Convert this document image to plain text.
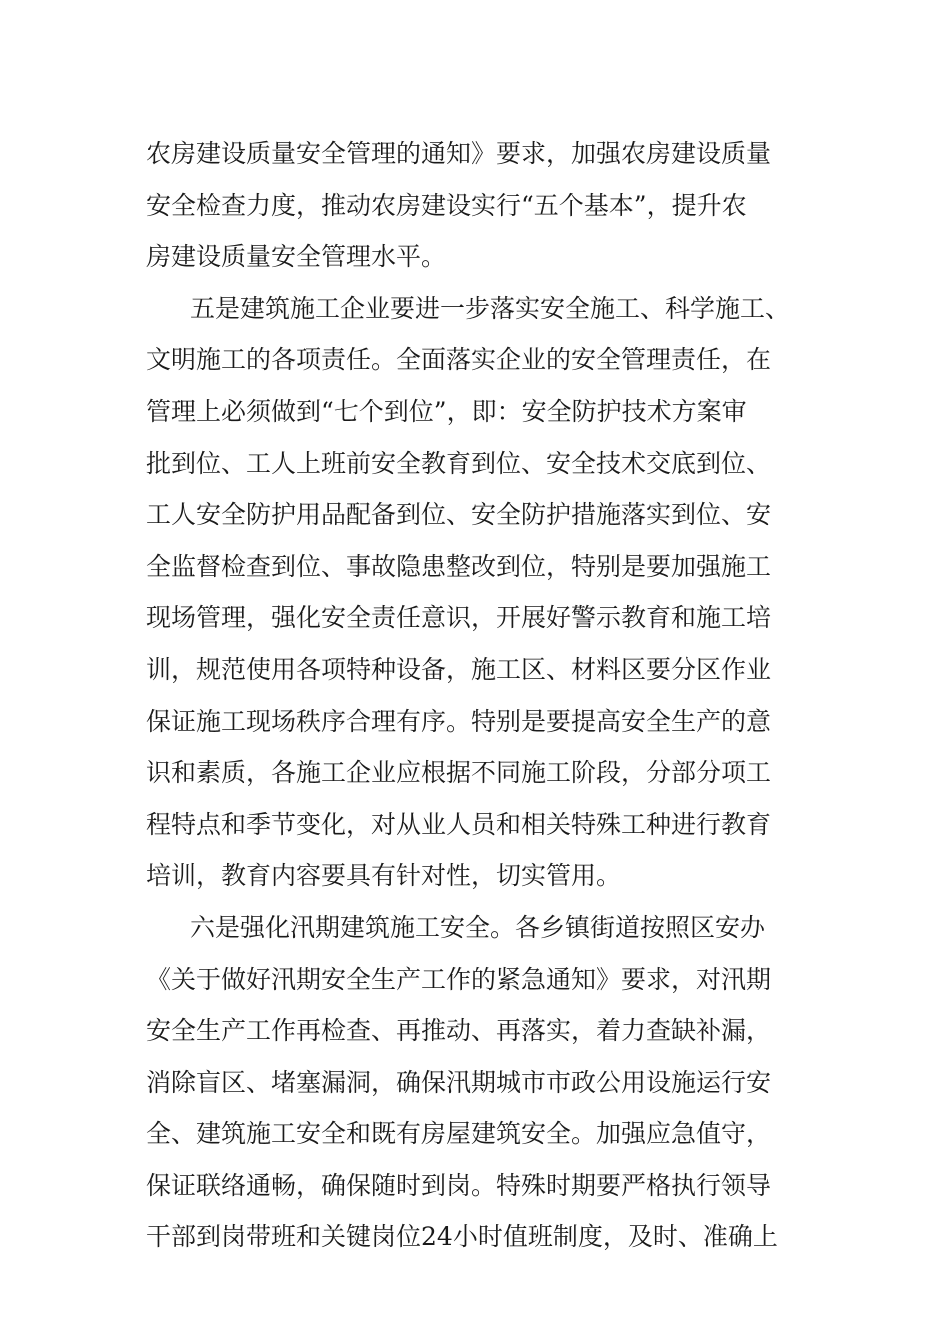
农房建设质量安全管理的通知》要求，加强农房建设质量
安全检查力度，推动农房建设实行“五个基本”，提升农
房建设质量安全管理水平。
五是建筑施工企业要进一步落实安全施工、科学施工、
文明施工的各项责任。全面落实企业的安全管理责任，在
管理上必须做到“七个到位”，即：安全防护技术方案审
批到位、工人上班前安全教育到位、安全技术交底到位、
工人安全防护用品配备到位、安全防护措施落实到位、安
全监督检查到位、事故隐患整改到位，特别是要加强施工
现场管理，强化安全责任意识，开展好警示教育和施工培
训，规范使用各项特种设备，施工区、材料区要分区作业
保证施工现场秩序合理有序。特别是要提高安全生产的意
识和素质，各施工企业应根据不同施工阶段，分部分项工
程特点和季节变化，对从业人员和相关特殊工种进行教育
培训，教育内容要具有针对性，切实管用。
六是强化汛期建筑施工安全。各乡镇街道按照区安办
《关于做好汛期安全生产工作的紧急通知》要求，对汛期
安全生产工作再检查、再推动、再落实，着力查缺补漏，
消除盲区、堵塞漏洞，确保汛期城市市政公用设施运行安
全、建筑施工安全和既有房屋建筑安全。加强应急值守，
保证联络通畅，确保随时到岗。特殊时期要严格执行领导
干部到岗带班和关键岗位24小时值班制度，及时、准确上
